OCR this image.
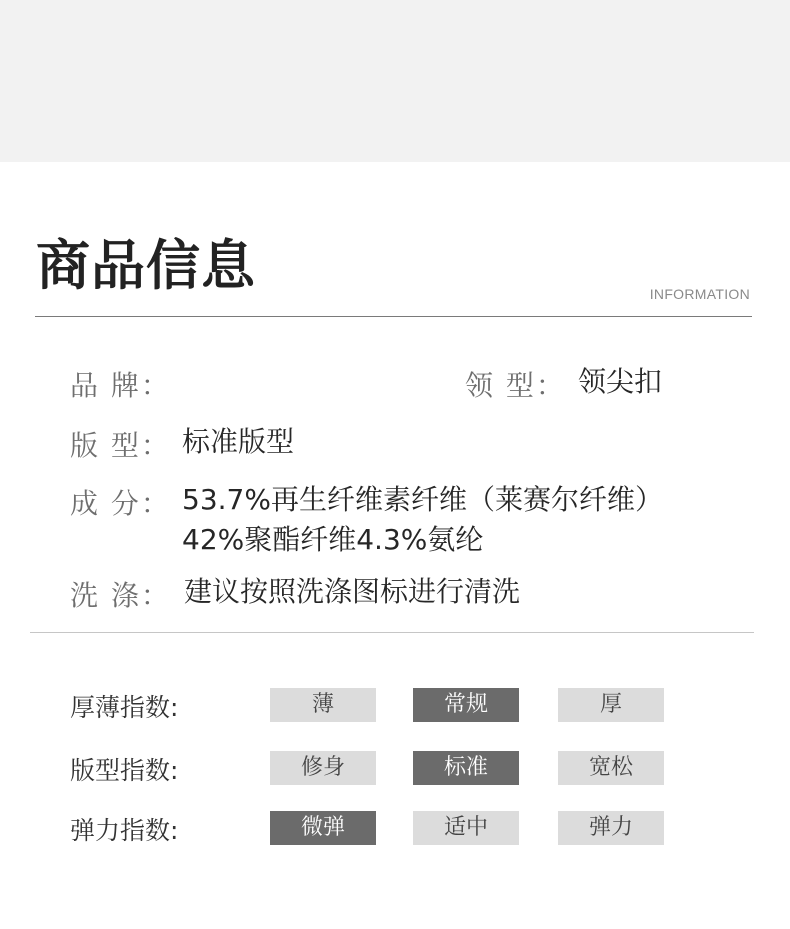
商品信息	INFORMATION
品 牌：	领 型： 领尖扣
版 型： 标准版型
成 分： 53.7%再生纤维素纤维（莱赛尔纤维）
42%聚酯纤维4.3%氨纶
洗 涤： 建议按照洗涤图标进行清洗
厚薄指数:	薄	常规	厚
版型指数:	修身	标准	宽松
弹力指数:	微弹	适中	弹力
